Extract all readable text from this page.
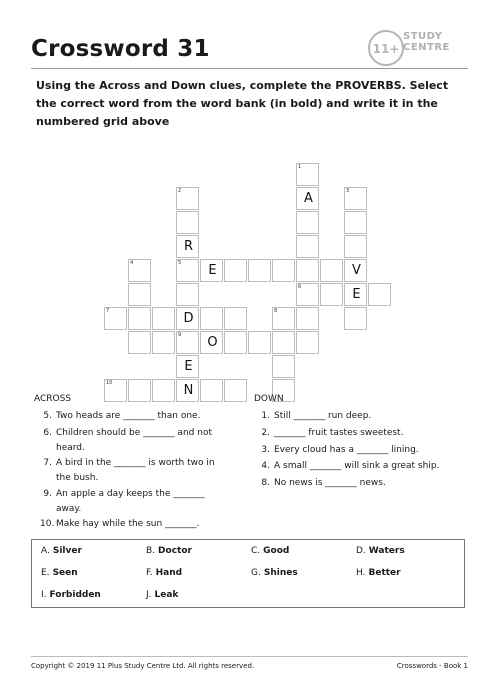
Crossword 31	11+
STUDY
CENTRE
Using the Across and Down clues, complete the PROVERBS. Select the correct word from the word bank (in bold) and write it in the numbered grid above
1
2	A	3
R
4	5	E	V
6	E
7	D	8
9	O
E
10	N
ACROSS
5. Two heads are _______ than one.
6. Children should be _______ and not
heard.
7. A bird in the _______ is worth two in
the bush.
9. An apple a day keeps the _______
away.
10. Make hay while the sun _______.
DOWN
1. Still _______ run deep.
2. _______ fruit tastes sweetest.
3. Every cloud has a _______ lining.
4. A small _______ will sink a great ship.
8. No news is _______ news.
A. Silver	B. Doctor	C. Good	D. Waters
E. Seen	F. Hand	G. Shines	H. Better
I. Forbidden	J. Leak
Copyright © 2019 11 Plus Study Centre Ltd. All rights reserved.	Crosswords - Book 1
